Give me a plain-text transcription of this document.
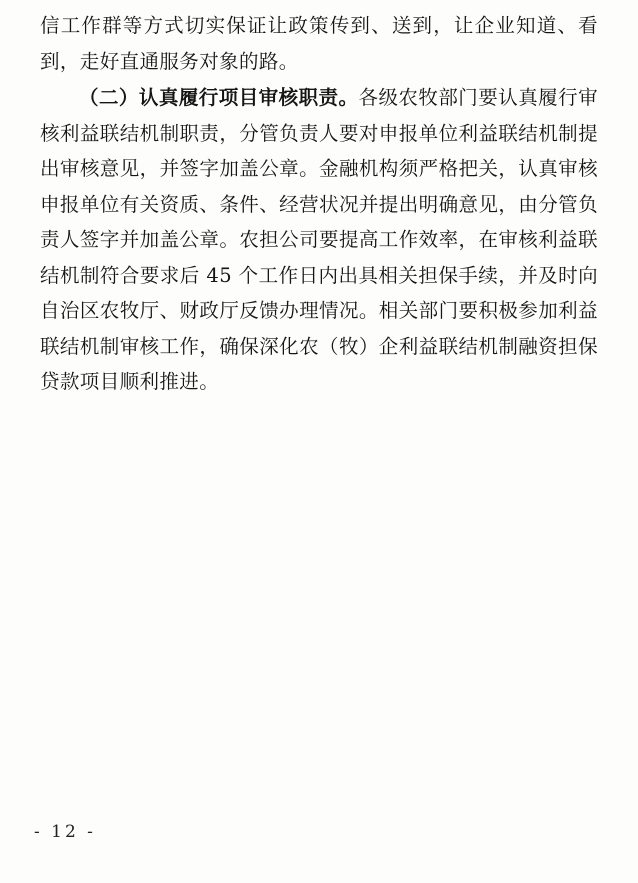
信工作群等方式切实保证让政策传到、送到，让企业知道、看到，走好直通服务对象的路。

（二）认真履行项目审核职责。各级农牧部门要认真履行审核利益联结机制职责，分管负责人要对申报单位利益联结机制提出审核意见，并签字加盖公章。金融机构须严格把关，认真审核申报单位有关资质、条件、经营状况并提出明确意见，由分管负责人签字并加盖公章。农担公司要提高工作效率，在审核利益联结机制符合要求后 45 个工作日内出具相关担保手续，并及时向自治区农牧厅、财政厅反馈办理情况。相关部门要积极参加利益联结机制审核工作，确保深化农（牧）企利益联结机制融资担保贷款项目顺利推进。

- 12 -
